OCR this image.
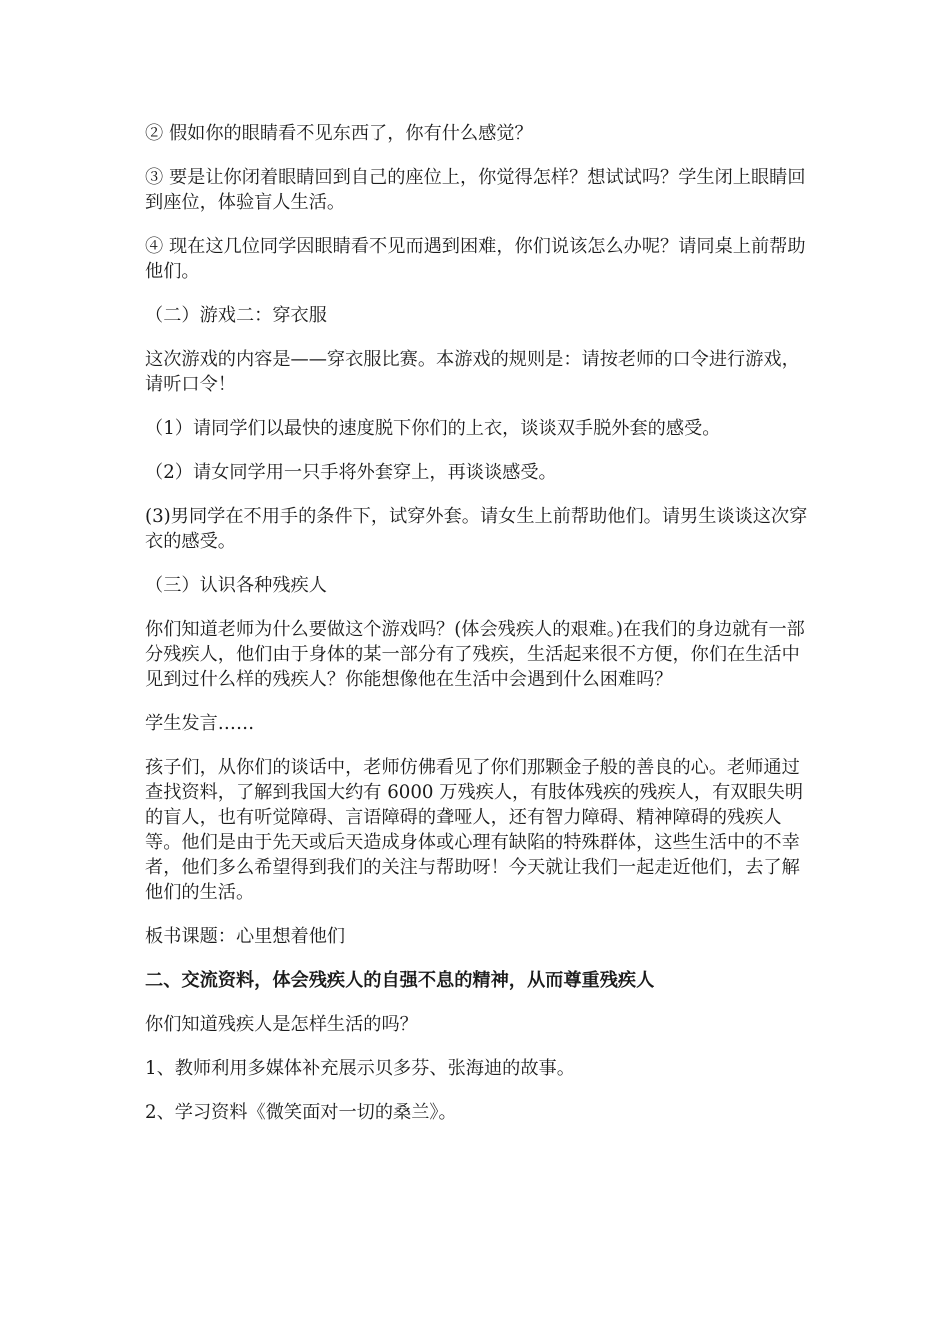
② 假如你的眼睛看不见东西了，你有什么感觉？

③ 要是让你闭着眼睛回到自己的座位上，你觉得怎样？想试试吗？学生闭上眼睛回到座位，体验盲人生活。

④ 现在这几位同学因眼睛看不见而遇到困难，你们说该怎么办呢？请同桌上前帮助他们。

（二）游戏二：穿衣服

这次游戏的内容是——穿衣服比赛。本游戏的规则是：请按老师的口令进行游戏，请听口令！

（1）请同学们以最快的速度脱下你们的上衣，谈谈双手脱外套的感受。

（2）请女同学用一只手将外套穿上，再谈谈感受。

(3)男同学在不用手的条件下，试穿外套。请女生上前帮助他们。请男生谈谈这次穿衣的感受。

（三）认识各种残疾人

你们知道老师为什么要做这个游戏吗？(体会残疾人的艰难。)在我们的身边就有一部分残疾人，他们由于身体的某一部分有了残疾，生活起来很不方便，你们在生活中见到过什么样的残疾人？你能想像他在生活中会遇到什么困难吗？

学生发言……

孩子们，从你们的谈话中，老师仿佛看见了你们那颗金子般的善良的心。老师通过查找资料，了解到我国大约有 6000 万残疾人，有肢体残疾的残疾人，有双眼失明的盲人，也有听觉障碍、言语障碍的聋哑人，还有智力障碍、精神障碍的残疾人等。他们是由于先天或后天造成身体或心理有缺陷的特殊群体，这些生活中的不幸者，他们多么希望得到我们的关注与帮助呀！今天就让我们一起走近他们，去了解他们的生活。

板书课题：心里想着他们

二、交流资料，体会残疾人的自强不息的精神，从而尊重残疾人

你们知道残疾人是怎样生活的吗？

1、教师利用多媒体补充展示贝多芬、张海迪的故事。

2、学习资料《微笑面对一切的桑兰》。
